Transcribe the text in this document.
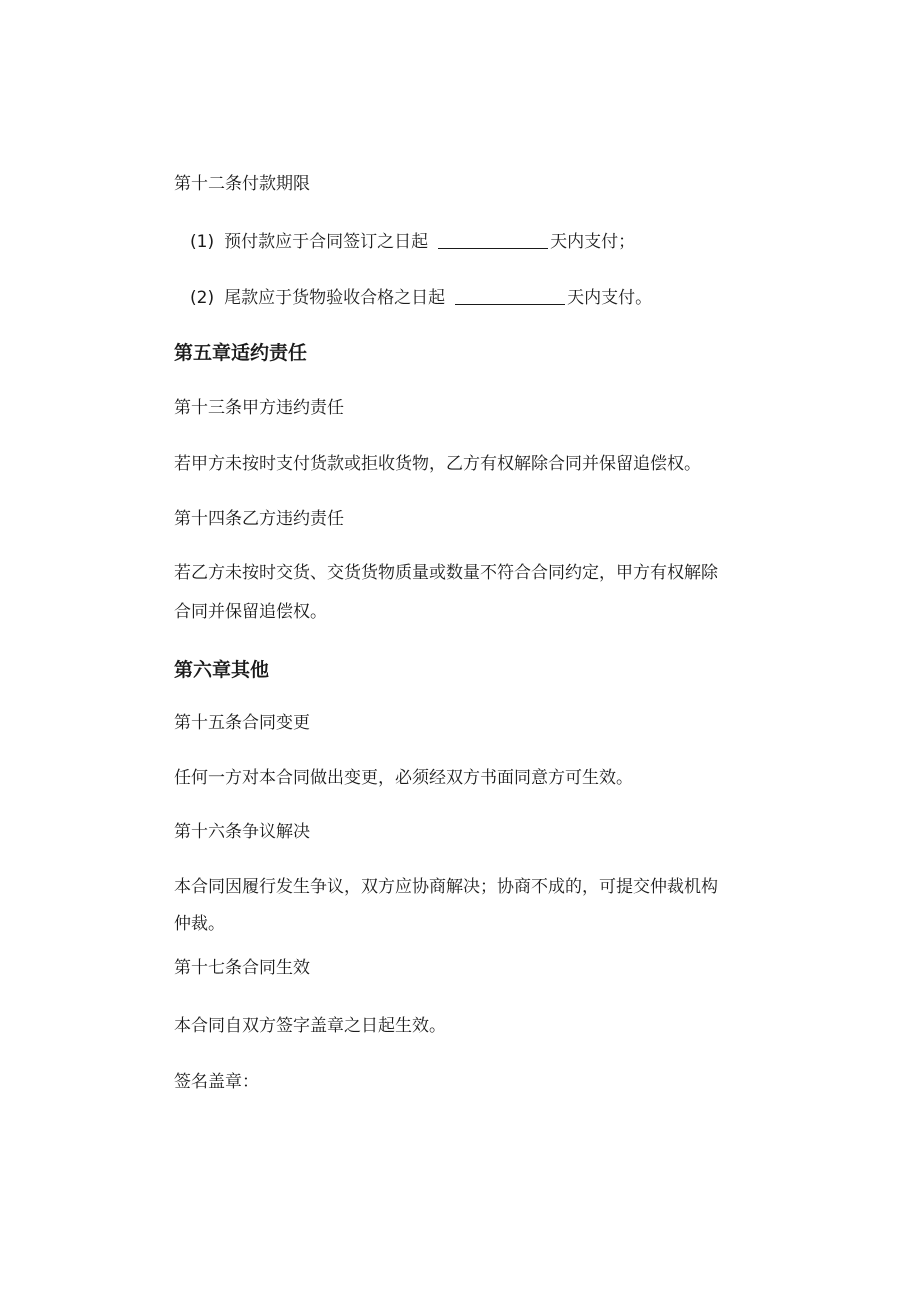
第十二条付款期限
(1) 预付款应于合同签订之日起	天内支付；
(2) 尾款应于货物验收合格之日起	天内支付。
第五章适约责任
第十三条甲方违约责任
若甲方未按时支付货款或拒收货物，乙方有权解除合同并保留追偿权。
第十四条乙方违约责任
若乙方未按时交货、交货货物质量或数量不符合合同约定，甲方有权解除
合同并保留追偿权。
第六章其他
第十五条合同变更
任何一方对本合同做出变更，必须经双方书面同意方可生效。
第十六条争议解决
本合同因履行发生争议，双方应协商解决；协商不成的，可提交仲裁机构
仲裁。
第十七条合同生效
本合同自双方签字盖章之日起生效。
签名盖章：
